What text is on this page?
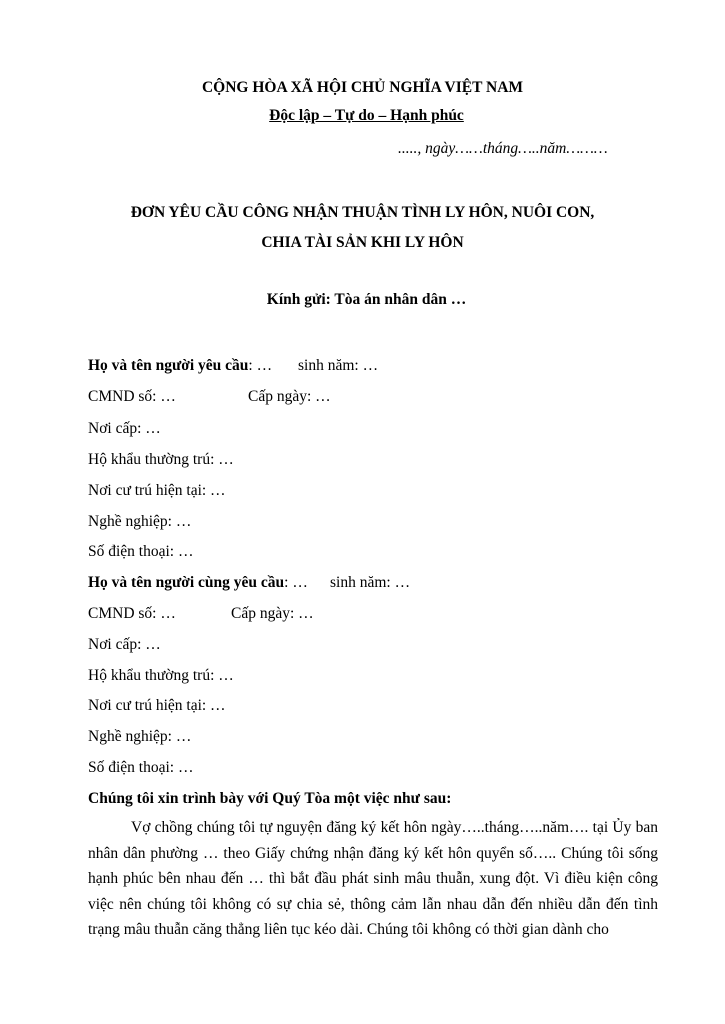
CỘNG HÒA XÃ HỘI CHỦ NGHĨA VIỆT NAM
Độc lập – Tự do – Hạnh phúc
....., ngày……tháng…..năm………
ĐƠN YÊU CẦU CÔNG NHẬN THUẬN TÌNH LY HÔN, NUÔI CON,
CHIA TÀI SẢN KHI LY HÔN
Kính gửi: Tòa án nhân dân …
Họ và tên người yêu cầu: … sinh năm: …
CMND số: …	Cấp ngày: …
Nơi cấp: …
Hộ khẩu thường trú: …
Nơi cư trú hiện tại: …
Nghề nghiệp: …
Số điện thoại: …
Họ và tên người cùng yêu cầu: … sinh năm: …
CMND số: …	Cấp ngày: …
Nơi cấp: …
Hộ khẩu thường trú: …
Nơi cư trú hiện tại: …
Nghề nghiệp: …
Số điện thoại: …
Chúng tôi xin trình bày với Quý Tòa một việc như sau:
Vợ chồng chúng tôi tự nguyện đăng ký kết hôn ngày…..tháng…..năm…. tại Ủy ban nhân dân phường … theo Giấy chứng nhận đăng ký kết hôn quyển số….. Chúng tôi sống hạnh phúc bên nhau đến … thì bắt đầu phát sinh mâu thuẫn, xung đột. Vì điều kiện công việc nên chúng tôi không có sự chia sẻ, thông cảm lẫn nhau dẫn đến nhiều dẫn đến tình trạng mâu thuẫn căng thẳng liên tục kéo dài. Chúng tôi không có thời gian dành cho
